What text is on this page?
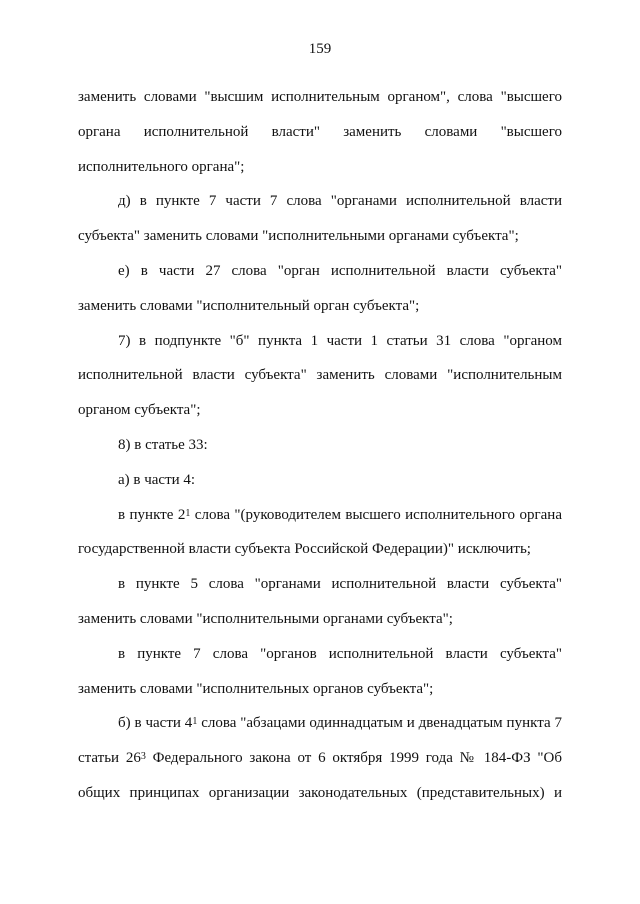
159

заменить словами "высшим исполнительным органом", слова "высшего органа исполнительной власти" заменить словами "высшего исполнительного органа";

д) в пункте 7 части 7 слова "органами исполнительной власти субъекта" заменить словами "исполнительными органами субъекта";

е) в части 27 слова "орган исполнительной власти субъекта" заменить словами "исполнительный орган субъекта";

7) в подпункте "б" пункта 1 части 1 статьи 31 слова "органом исполнительной власти субъекта" заменить словами "исполнительным органом субъекта";

8) в статье 33:

а) в части 4:

в пункте $2^1$ слова "(руководителем высшего исполнительного органа государственной власти субъекта Российской Федерации)" исключить;

в пункте 5 слова "органами исполнительной власти субъекта" заменить словами "исполнительными органами субъекта";

в пункте 7 слова "органов исполнительной власти субъекта" заменить словами "исполнительных органов субъекта";

б) в части $4^1$ слова "абзацами одиннадцатым и двенадцатым пункта 7 статьи $26^3$ Федерального закона от 6 октября 1999 года № 184-ФЗ "Об общих принципах организации законодательных (представительных) и
